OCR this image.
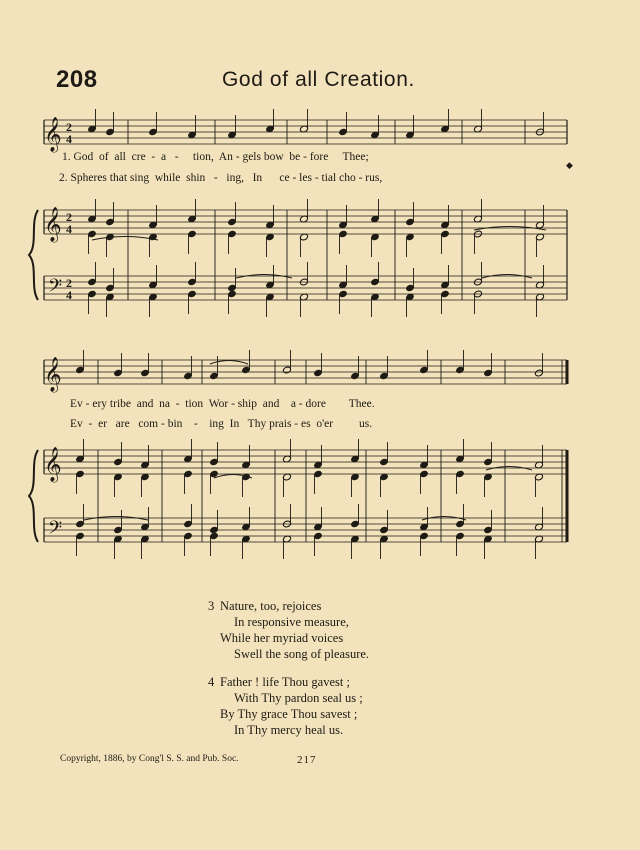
208	God of all Creation.
𝄞 2
4
𝄞 2
4
𝄢 2
4
◆
𝄞
𝄞
𝄢
1. God  of  all  cre  -  a   -     tion,  An - gels bow  be - fore     Thee;
2. Spheres that sing  while  shin   -   ing,   In      ce - les - tial cho - rus,
Ev - ery tribe  and  na  -  tion  Wor - ship  and    a - dore        Thee.
Ev  -  er   are   com - bin    -    ing  In   Thy prais - es  o'er         us.
3 Nature, too, rejoices
In responsive measure,
While her myriad voices
Swell the song of pleasure.
4 Father ! life Thou gavest ;
With Thy pardon seal us ;
By Thy grace Thou savest ;
In Thy mercy heal us.
Copyright, 1886, by Cong'l S. S. and Pub. Soc.	217
